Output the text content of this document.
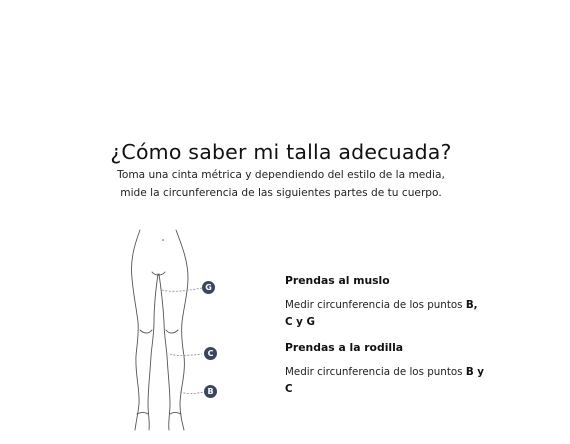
¿Cómo saber mi talla adecuada?
Toma una cinta métrica y dependiendo del estilo de la media,
mide la circunferencia de las siguientes partes de tu cuerpo.
G
C
B

Prendas al muslo

Medir circunferencia de los puntos B, C y G

Prendas a la rodilla

Medir circunferencia de los puntos B y C
